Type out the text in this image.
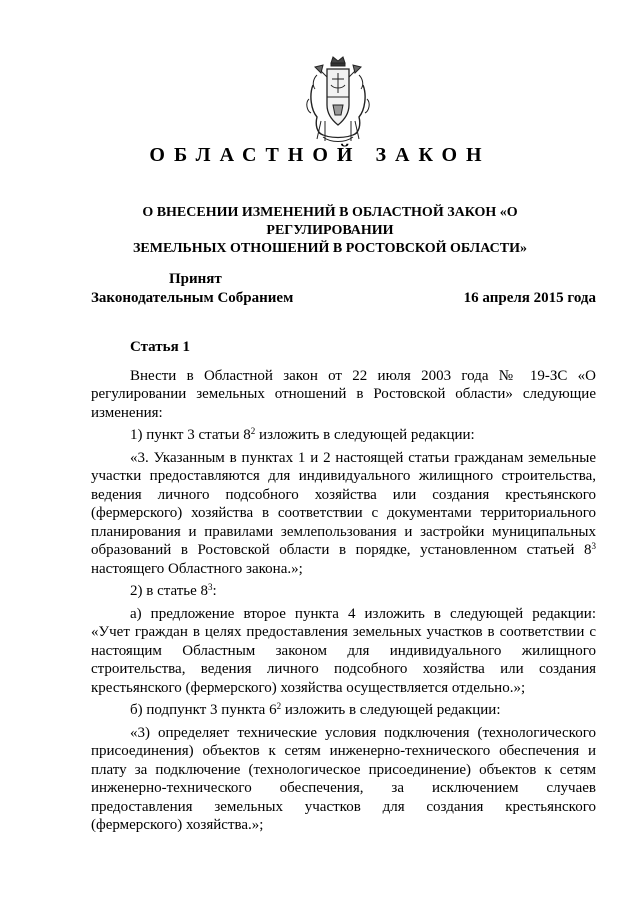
ОБЛАСТНОЙ ЗАКОН
О ВНЕСЕНИИ ИЗМЕНЕНИЙ В ОБЛАСТНОЙ ЗАКОН «О РЕГУЛИРОВАНИИ
ЗЕМЕЛЬНЫХ ОТНОШЕНИЙ В РОСТОВСКОЙ ОБЛАСТИ»
Принят
Законодательным Собранием	16 апреля 2015 года

Статья 1

Внести в Областной закон от 22 июля 2003 года № 19-ЗС «О регулировании земельных отношений в Ростовской области» следующие изменения:

1) пункт 3 статьи $8^2$ изложить в следующей редакции:

«3. Указанным в пунктах 1 и 2 настоящей статьи гражданам земельные участки предоставляются для индивидуального жилищного строительства, ведения личного подсобного хозяйства или создания крестьянского (фермерского) хозяйства в соответствии с документами территориального планирования и правилами землепользования и застройки муниципальных образований в Ростовской области в порядке, установленном статьей $8^3$ настоящего Областного закона.»;

2) в статье $8^3$:

а) предложение второе пункта 4 изложить в следующей редакции: «Учет граждан в целях предоставления земельных участков в соответствии с настоящим Областным законом для индивидуального жилищного строительства, ведения личного подсобного хозяйства или создания крестьянского (фермерского) хозяйства осуществляется отдельно.»;

б) подпункт 3 пункта $6^2$ изложить в следующей редакции:

«3) определяет технические условия подключения (технологического присоединения) объектов к сетям инженерно-технического обеспечения и плату за подключение (технологическое присоединение) объектов к сетям инженерно-технического обеспечения, за исключением случаев предоставления земельных участков для создания крестьянского (фермерского) хозяйства.»;
